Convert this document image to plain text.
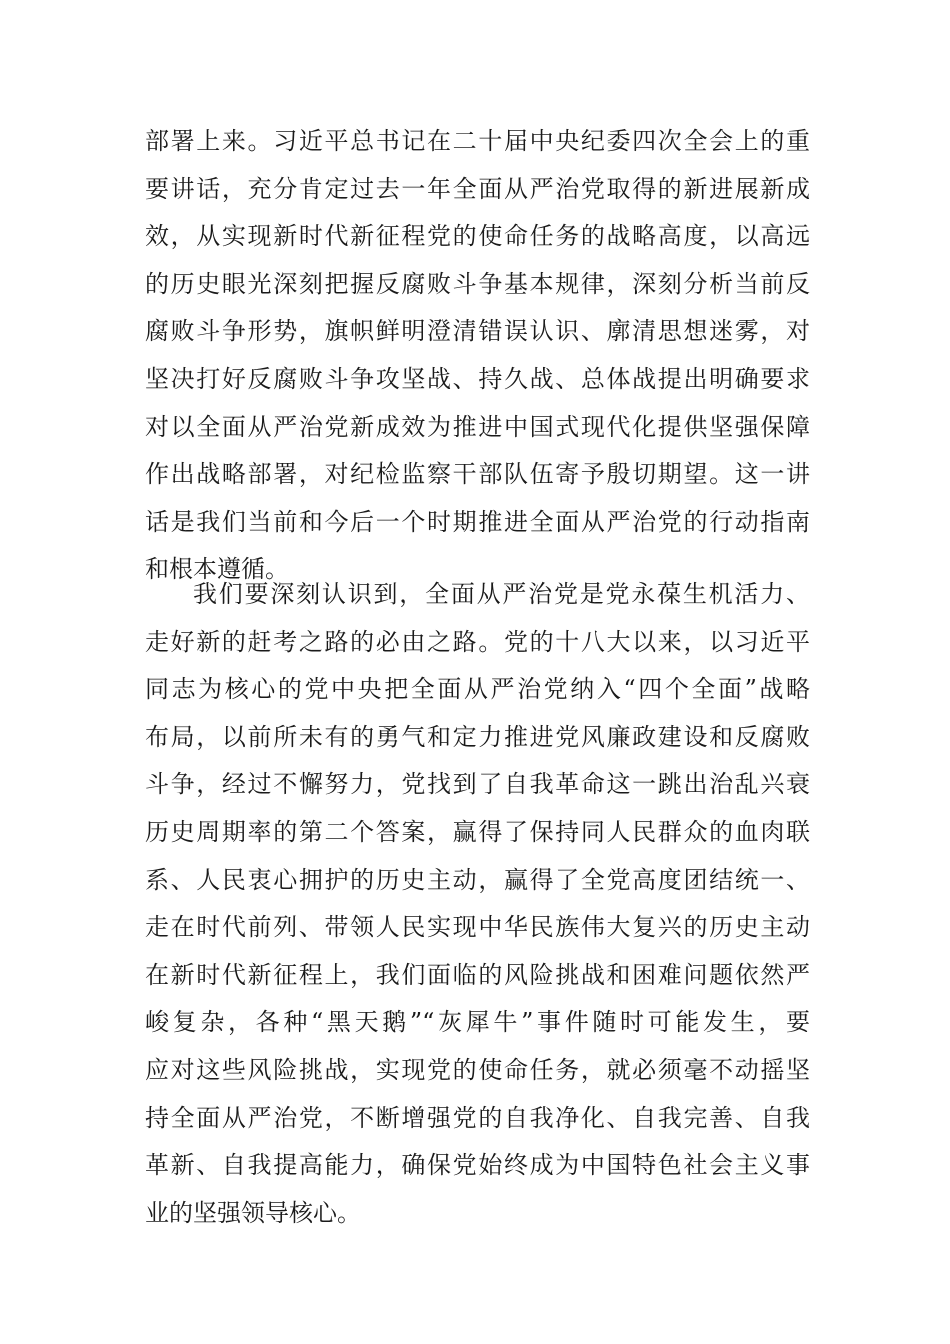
部署上来。习近平总书记在二十届中央纪委四次全会上的重
要讲话，充分肯定过去一年全面从严治党取得的新进展新成
效，从实现新时代新征程党的使命任务的战略高度，以高远
的历史眼光深刻把握反腐败斗争基本规律，深刻分析当前反
腐败斗争形势，旗帜鲜明澄清错误认识、廓清思想迷雾，对
坚决打好反腐败斗争攻坚战、持久战、总体战提出明确要求
对以全面从严治党新成效为推进中国式现代化提供坚强保障
作出战略部署，对纪检监察干部队伍寄予殷切期望。这一讲
话是我们当前和今后一个时期推进全面从严治党的行动指南
和根本遵循。
我们要深刻认识到，全面从严治党是党永葆生机活力、
走好新的赶考之路的必由之路。党的十八大以来，以习近平
同志为核心的党中央把全面从严治党纳入“四个全面”战略
布局，以前所未有的勇气和定力推进党风廉政建设和反腐败
斗争，经过不懈努力，党找到了自我革命这一跳出治乱兴衰
历史周期率的第二个答案，赢得了保持同人民群众的血肉联
系、人民衷心拥护的历史主动，赢得了全党高度团结统一、
走在时代前列、带领人民实现中华民族伟大复兴的历史主动
在新时代新征程上，我们面临的风险挑战和困难问题依然严
峻复杂，各种“黑天鹅”“灰犀牛”事件随时可能发生，要
应对这些风险挑战，实现党的使命任务，就必须毫不动摇坚
持全面从严治党，不断增强党的自我净化、自我完善、自我
革新、自我提高能力，确保党始终成为中国特色社会主义事
业的坚强领导核心。
